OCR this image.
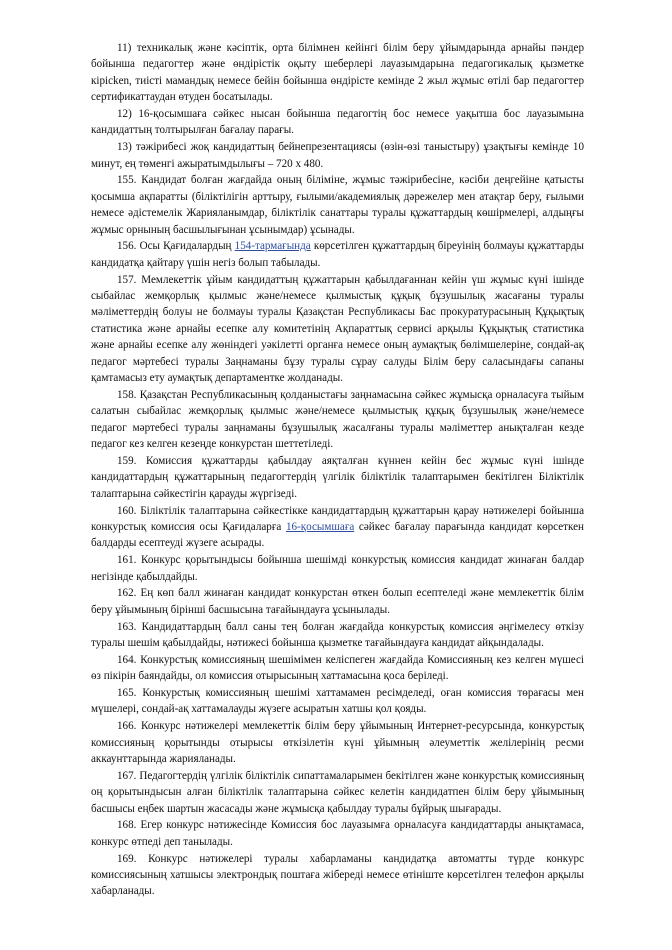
11) техникалық және кәсіптік, орта білімнен кейінгі білім беру ұйымдарында арнайы пәндер бойынша педагогтер және өндірістік оқыту шеберлері лауазымдарына педагогикалық қызметке кірісken, тиісті мамандық немесе бейін бойынша өндірісте кемінде 2 жыл жұмыс өтілі бар педагогтер сертификаттаудан өтуден босатылады.

12) 16-қосымшаға сәйкес нысан бойынша педагогтің бос немесе уақытша бос лауазымына кандидаттың толтырылған бағалау парағы.

13) тәжірибесі жоқ кандидаттың бейнепрезентациясы (өзін-өзі таныстыру) ұзақтығы кемінде 10 минут, ең төменгі ажыратымдылығы – 720 x 480.

155. Кандидат болған жағдайда оның біліміне, жұмыс тәжірибесіне, кәсіби деңгейіне қатысты қосымша ақпаратты (біліктілігін арттыру, ғылыми/академиялық дәрежелер мен атақтар беру, ғылыми немесе әдістемелік Жарияланымдар, біліктілік санаттары туралы құжаттардың көшірмелері, алдыңғы жұмыс орнының басшылығынан ұсынымдар) ұсынады.

156. Осы Қағидалардың 154-тармағында көрсетілген құжаттардың біреуінің болмауы құжаттарды кандидатқа қайтару үшін негіз болып табылады.

157. Мемлекеттік ұйым кандидаттың құжаттарын қабылдағаннан кейін үш жұмыс күні ішінде сыбайлас жемқорлық қылмыс және/немесе қылмыстық құқық бұзушылық жасағаны туралы мәліметтердің болуы не болмауы туралы Қазақстан Республикасы Бас прокуратурасының Құқықтық статистика және арнайы есепке алу комитетінің Ақпараттық сервисі арқылы Құқықтық статистика және арнайы есепке алу жөніндегі уәкілетті органға немесе оның аумақтық бөлімшелеріне, сондай-ақ педагог мәртебесі туралы Заңнаманы бұзу туралы сұрау салуды Білім беру саласындағы сапаны қамтамасыз ету аумақтық департаментке жолданады.

158. Қазақстан Республикасының қолданыстағы заңнамасына сәйкес жұмысқа орналасуға тыйым салатын сыбайлас жемқорлық қылмыс және/немесе қылмыстық құқық бұзушылық және/немесе педагог мәртебесі туралы заңнаманы бұзушылық жасалғаны туралы мәліметтер анықталған кезде педагог кез келген кезеңде конкурстан шеттетіледі.

159. Комиссия құжаттарды қабылдау аяқталған күннен кейін бес жұмыс күні ішінде кандидаттардың құжаттарының педагогтердің үлгілік біліктілік талаптарымен бекітілген Біліктілік талаптарына сәйкестігін қарауды жүргізеді.

160. Біліктілік талаптарына сәйкестікке кандидаттардың құжаттарын қарау нәтижелері бойынша конкурстық комиссия осы Қағидаларға 16-қосымшаға сәйкес бағалау парағында кандидат көрсеткен балдарды есептеуді жүзеге асырады.

161. Конкурс қорытындысы бойынша шешімді конкурстық комиссия кандидат жинаған балдар негізінде қабылдайды.

162. Ең көп балл жинаған кандидат конкурстан өткен болып есептеледі және мемлекеттік білім беру ұйымының бірінші басшысына тағайындауға ұсынылады.

163. Кандидаттардың балл саны тең болған жағдайда конкурстық комиссия әңгімелесу өткізу туралы шешім қабылдайды, нәтижесі бойынша қызметке тағайындауға кандидат айқындалады.

164. Конкурстық комиссияның шешімімен келіспеген жағдайда Комиссияның кез келген мүшесі өз пікірін баяндайды, ол комиссия отырысының хаттамасына қоса беріледі.

165. Конкурстық комиссияның шешімі хаттамамен ресімделеді, оған комиссия төрағасы мен мүшелері, сондай-ақ хаттамалауды жүзеге асыратын хатшы қол қояды.

166. Конкурс нәтижелері мемлекеттік білім беру ұйымының Интернет-ресурсында, конкурстық комиссияның қорытынды отырысы өткізілетін күні ұйымның әлеуметтік желілерінің ресми аккаунттарында жарияланады.

167. Педагогтердің үлгілік біліктілік сипаттамаларымен бекітілген және конкурстық комиссияның оң қорытындысын алған біліктілік талаптарына сәйкес келетін кандидатпен білім беру ұйымының басшысы еңбек шартын жасасады және жұмысқа қабылдау туралы бұйрық шығарады.

168. Егер конкурс нәтижесінде Комиссия бос лауазымға орналасуға кандидаттарды анықтамаса, конкурс өтпеді деп танылады.

169. Конкурс нәтижелері туралы хабарламаны кандидатқа автоматты түрде конкурс комиссиясының хатшысы электрондық поштаға жібереді немесе өтініште көрсетілген телефон арқылы хабарланады.
